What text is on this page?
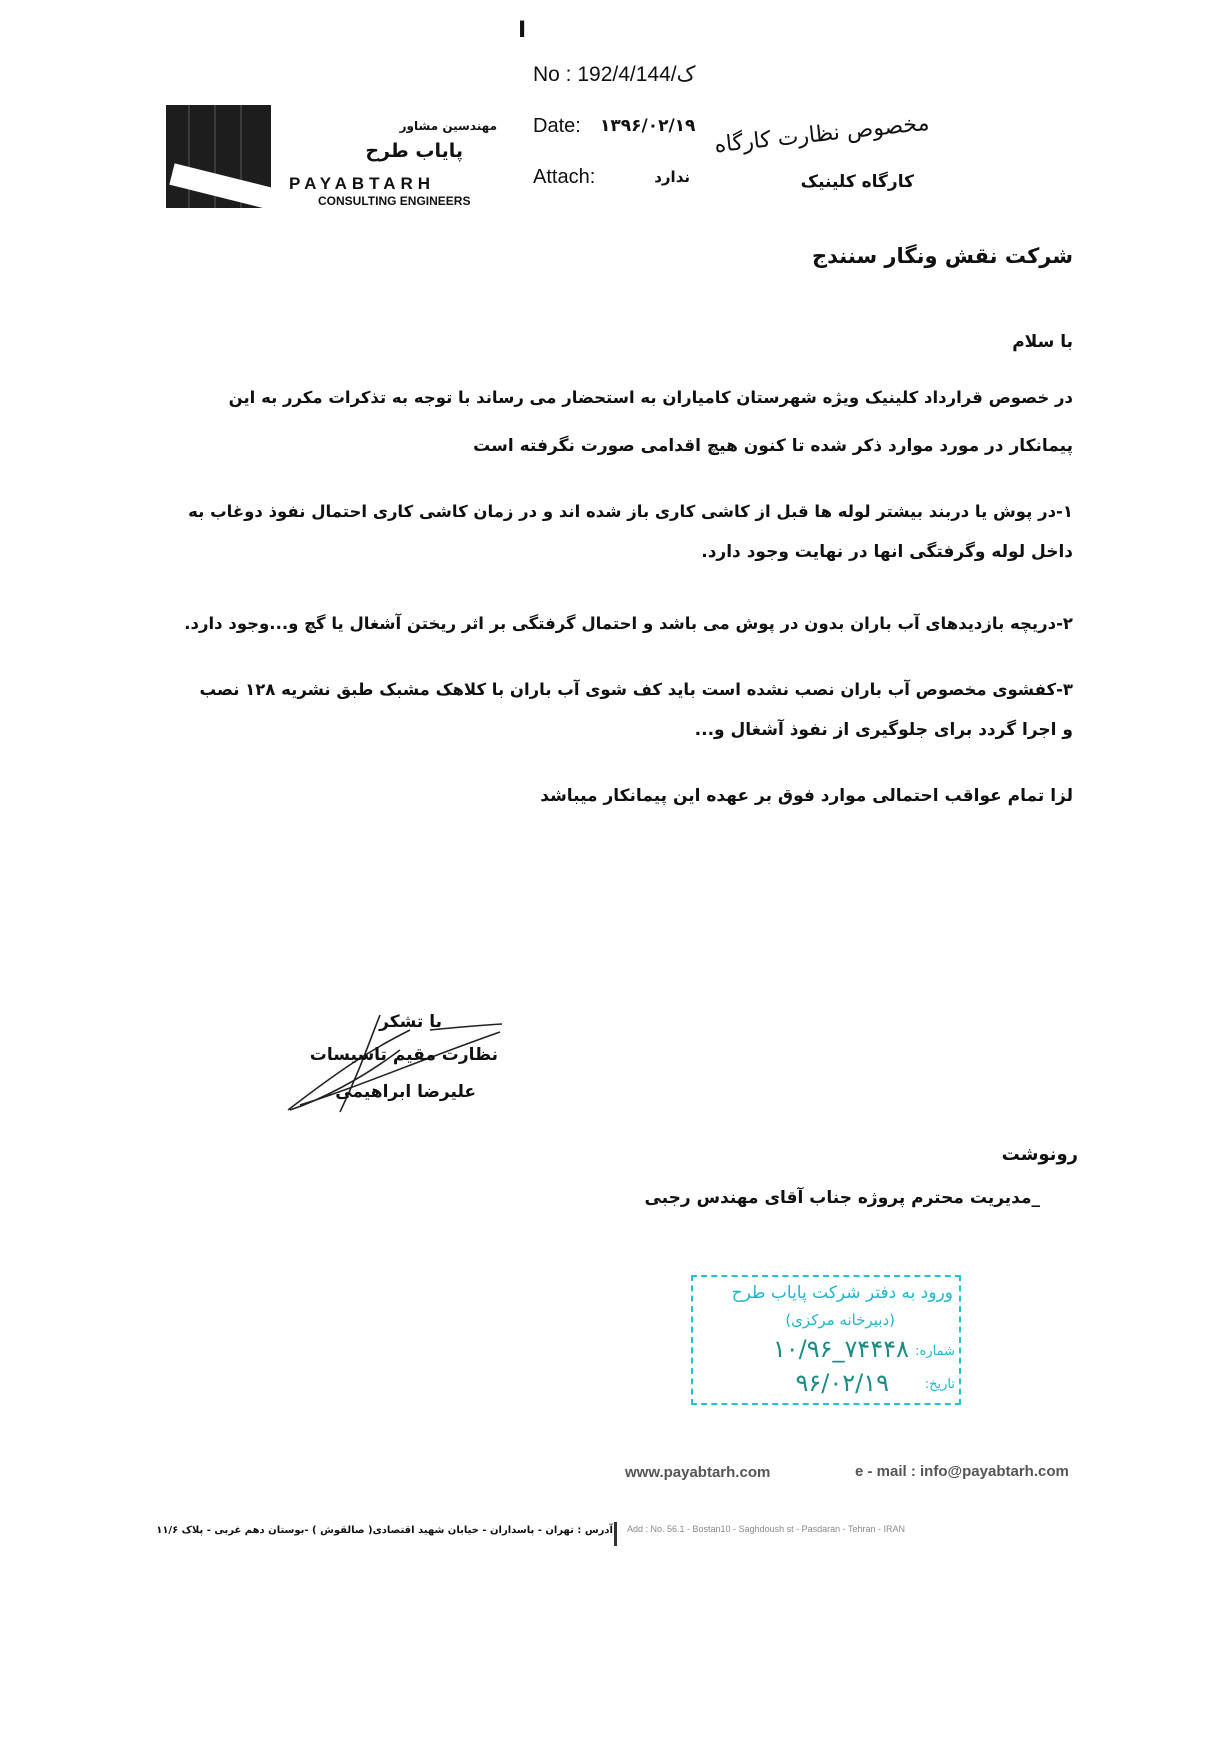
I
No : 192/4/ک/144
مهندسین مشاور
پایاب طرح
PAYABTARH
CONSULTING ENGINEERS
Date: ۱۳۹۶/۰۲/۱۹
Attach:	ندارد
مخصوص نظارت کارگاه
کارگاه کلینیک
شرکت نقش ونگار سنندج
با سلام
در خصوص قرارداد کلینیک ویژه شهرستان کامیاران به استحضار می رساند با توجه به تذکرات مکرر به این
پیمانکار در مورد موارد ذکر شده تا کنون هیچ اقدامی صورت نگرفته است
۱-در پوش یا دربند بیشتر لوله ها قبل از کاشی کاری باز شده اند و در زمان کاشی کاری احتمال نفوذ دوغاب به
داخل لوله وگرفتگی انها در نهایت وجود دارد.
۲-دریچه بازدیدهای آب باران بدون در پوش می باشد و احتمال گرفتگی بر اثر ریختن آشغال یا گچ و...وجود دارد.
۳-کفشوی مخصوص آب باران نصب نشده است باید کف شوی آب باران با کلاهک مشبک طبق نشریه ۱۲۸ نصب
و اجرا گردد برای جلوگیری از نفوذ آشغال و...
لزا تمام عواقب احتمالی موارد فوق بر عهده این پیمانکار میباشد
با تشکر
نظارت مقیم تاسیسات
علیرضا ابراهیمی
رونوشت
_مدیریت محترم پروژه جناب آقای مهندس رجبی
ورود به دفتر شرکت پایاب طرح
(دبیرخانه مرکزی)
شماره:
۱۰/۹۶_۷۴۴۴۸
تاریخ:
۹۶/۰۲/۱۹
www.payabtarh.com	e - mail : info@payabtarh.com
آدرس : تهران - پاسداران - خیابان شهید اقتصادی( صالقوش ) -بوستان دهم غربی - پلاک ۱۱/۶ Add : No. 56.1 - Bostan10 - Saghdoush st - Pasdaran - Tehran - IRAN
